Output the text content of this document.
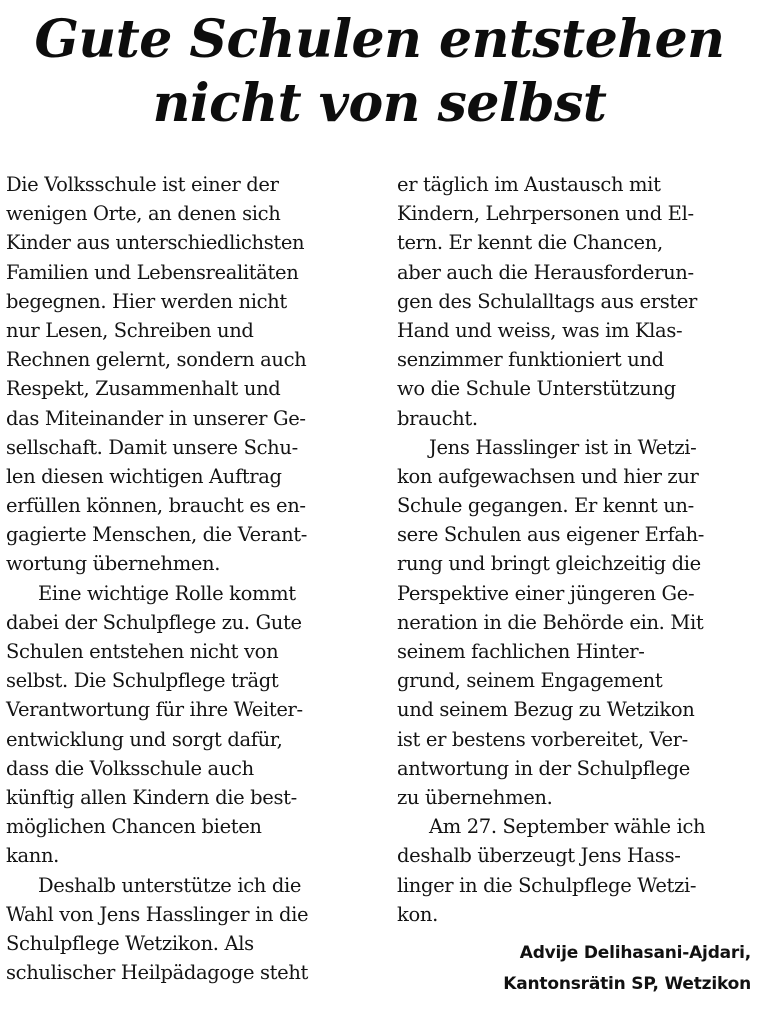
Gute Schulen entstehen
nicht von selbst
Die Volksschule ist einer der
wenigen Orte, an denen sich
Kinder aus unterschiedlichsten
Familien und Lebensrealitäten
begegnen. Hier werden nicht
nur Lesen, Schreiben und
Rechnen gelernt, sondern auch
Respekt, Zusammenhalt und
das Miteinander in unserer Ge-
sellschaft. Damit unsere Schu-
len diesen wichtigen Auftrag
erfüllen können, braucht es en-
gagierte Menschen, die Verant-
wortung übernehmen.
Eine wichtige Rolle kommt
dabei der Schulpflege zu. Gute
Schulen entstehen nicht von
selbst. Die Schulpflege trägt
Verantwortung für ihre Weiter-
entwicklung und sorgt dafür,
dass die Volksschule auch
künftig allen Kindern die best-
möglichen Chancen bieten
kann.
Deshalb unterstütze ich die
Wahl von Jens Hasslinger in die
Schulpflege Wetzikon. Als
schulischer Heilpädagoge steht
er täglich im Austausch mit
Kindern, Lehrpersonen und El-
tern. Er kennt die Chancen,
aber auch die Herausforderun-
gen des Schulalltags aus erster
Hand und weiss, was im Klas-
senzimmer funktioniert und
wo die Schule Unterstützung
braucht.
Jens Hasslinger ist in Wetzi-
kon aufgewachsen und hier zur
Schule gegangen. Er kennt un-
sere Schulen aus eigener Erfah-
rung und bringt gleichzeitig die
Perspektive einer jüngeren Ge-
neration in die Behörde ein. Mit
seinem fachlichen Hinter-
grund, seinem Engagement
und seinem Bezug zu Wetzikon
ist er bestens vorbereitet, Ver-
antwortung in der Schulpflege
zu übernehmen.
Am 27. September wähle ich
deshalb überzeugt Jens Hass-
linger in die Schulpflege Wetzi-
kon.
Advije Delihasani-Ajdari,
Kantonsrätin SP, Wetzikon
